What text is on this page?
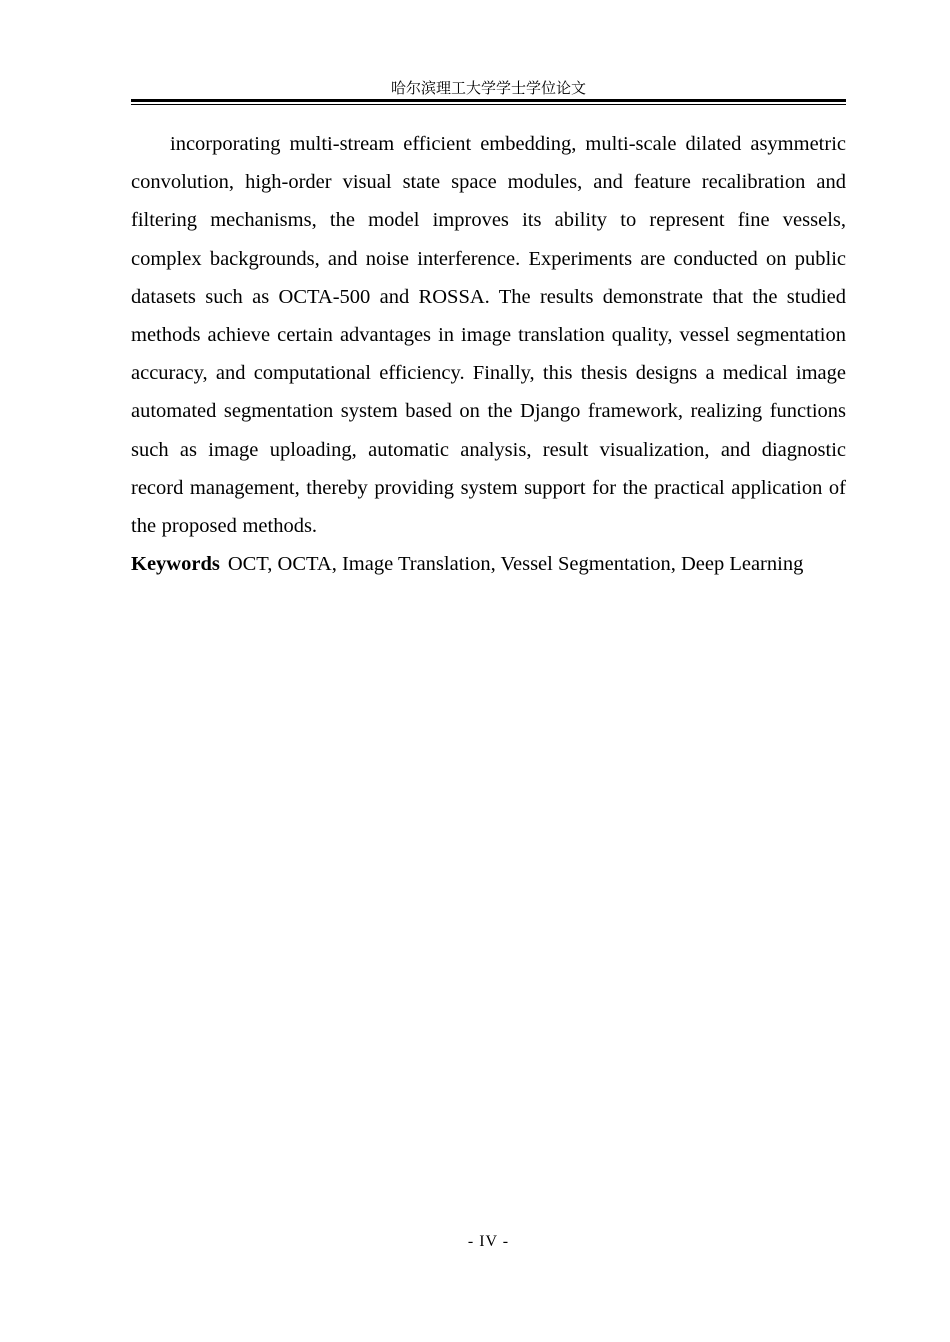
哈尔滨理工大学学士学位论文

incorporating multi-stream efficient embedding, multi-scale dilated asymmetric convolution, high-order visual state space modules, and feature recalibration and filtering mechanisms, the model improves its ability to represent fine vessels, complex backgrounds, and noise interference. Experiments are conducted on public datasets such as OCTA-500 and ROSSA. The results demonstrate that the studied methods achieve certain advantages in image translation quality, vessel segmentation accuracy, and computational efficiency. Finally, this thesis designs a medical image automated segmentation system based on the Django framework, realizing functions such as image uploading, automatic analysis, result visualization, and diagnostic record management, thereby providing system support for the practical application of the proposed methods.

Keywords OCT, OCTA, Image Translation, Vessel Segmentation, Deep Learning

- IV -
